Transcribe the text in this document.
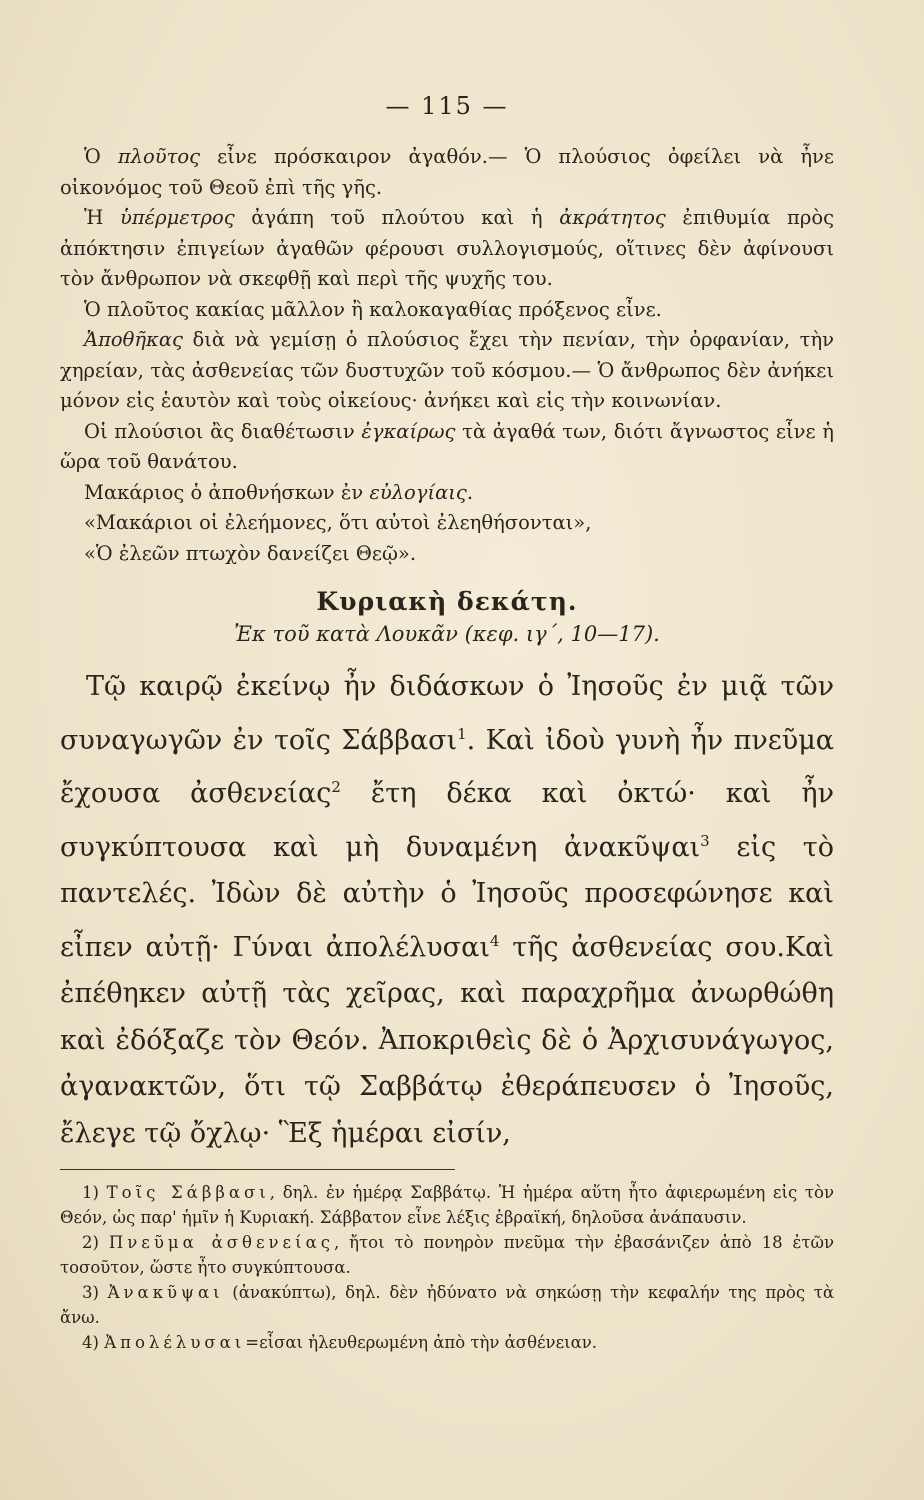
— 115 —

Ὁ πλοῦτος εἶνε πρόσκαιρον ἀγαθόν.— Ὁ πλούσιος ὀφείλει νὰ ἦνε οἰκονόμος τοῦ Θεοῦ ἐπὶ τῆς γῆς.

Ἡ ὑπέρμετρος ἀγάπη τοῦ πλούτου καὶ ἡ ἀκράτητος ἐπιθυμία πρὸς ἀπόκτησιν ἐπιγείων ἀγαθῶν φέρουσι συλλογισμούς, οἵτινες δὲν ἀφίνουσι τὸν ἄνθρωπον νὰ σκεφθῇ καὶ περὶ τῆς ψυχῆς του.

Ὁ πλοῦτος κακίας μᾶλλον ἢ καλοκαγαθίας πρόξενος εἶνε.

Ἀποθῆκας διὰ νὰ γεμίσῃ ὁ πλούσιος ἔχει τὴν πενίαν, τὴν ὀρφανίαν, τὴν χηρείαν, τὰς ἀσθενείας τῶν δυστυχῶν τοῦ κόσμου.— Ὁ ἄνθρωπος δὲν ἀνήκει μόνον εἰς ἑαυτὸν καὶ τοὺς οἰκείους· ἀνήκει καὶ εἰς τὴν κοινωνίαν.

Οἱ πλούσιοι ἂς διαθέτωσιν ἐγκαίρως τὰ ἀγαθά των, διότι ἄγνωστος εἶνε ἡ ὥρα τοῦ θανάτου.

Μακάριος ὁ ἀποθνήσκων ἐν εὐλογίαις.

«Μακάριοι οἱ ἐλεήμονες, ὅτι αὐτοὶ ἐλεηθήσονται»,

«Ὁ ἐλεῶν πτωχὸν δανείζει Θεῷ».

Κυριακὴ δεκάτη.
Ἐκ τοῦ κατὰ Λουκᾶν (κεφ. ιγ΄, 10—17).

Τῷ καιρῷ ἐκείνῳ ἦν διδάσκων ὁ Ἰησοῦς ἐν μιᾷ τῶν συναγωγῶν ἐν τοῖς Σάββασι$^1$. Καὶ ἰδοὺ γυνὴ ἦν πνεῦμα ἔχουσα ἀσθενείας$^2$ ἔτη δέκα καὶ ὀκτώ· καὶ ἦν συγκύπτουσα καὶ μὴ δυναμένη ἀνακῦψαι$^3$ εἰς τὸ παντελές. Ἰδὼν δὲ αὐτὴν ὁ Ἰησοῦς προσεφώνησε καὶ εἶπεν αὐτῇ· Γύναι ἀπολέλυσαι$^4$ τῆς ἀσθενείας σου.Καὶ ἐπέθηκεν αὐτῇ τὰς χεῖρας, καὶ παραχρῆμα ἀνωρθώθη καὶ ἐδόξαζε τὸν Θεόν. Ἀποκριθεὶς δὲ ὁ Ἀρχισυνάγωγος, ἀγανακτῶν, ὅτι τῷ Σαββάτῳ ἐθεράπευσεν ὁ Ἰησοῦς, ἔλεγε τῷ ὄχλῳ· Ἓξ ἡμέραι εἰσίν,

1) Τοῖς Σάββασι, δηλ. ἐν ἡμέρᾳ Σαββάτῳ. Ἡ ἡμέρα αὕτη ἦτο ἀφιερωμένη εἰς τὸν Θεόν, ὡς παρ' ἡμῖν ἡ Κυριακή. Σάββατον εἶνε λέξις ἑβραϊκή, δηλοῦσα ἀνάπαυσιν.

2) Πνεῦμα ἀσθενείας, ἤτοι τὸ πονηρὸν πνεῦμα τὴν ἐβασάνιζεν ἀπὸ 18 ἐτῶν τοσοῦτον, ὥστε ἦτο συγκύπτουσα.

3) Ἀνακῦψαι (ἀνακύπτω), δηλ. δὲν ἠδύνατο νὰ σηκώσῃ τὴν κεφαλήν της πρὸς τὰ ἄνω.

4) Ἀπολέλυσαι=εἶσαι ἠλευθερωμένη ἀπὸ τὴν ἀσθένειαν.
